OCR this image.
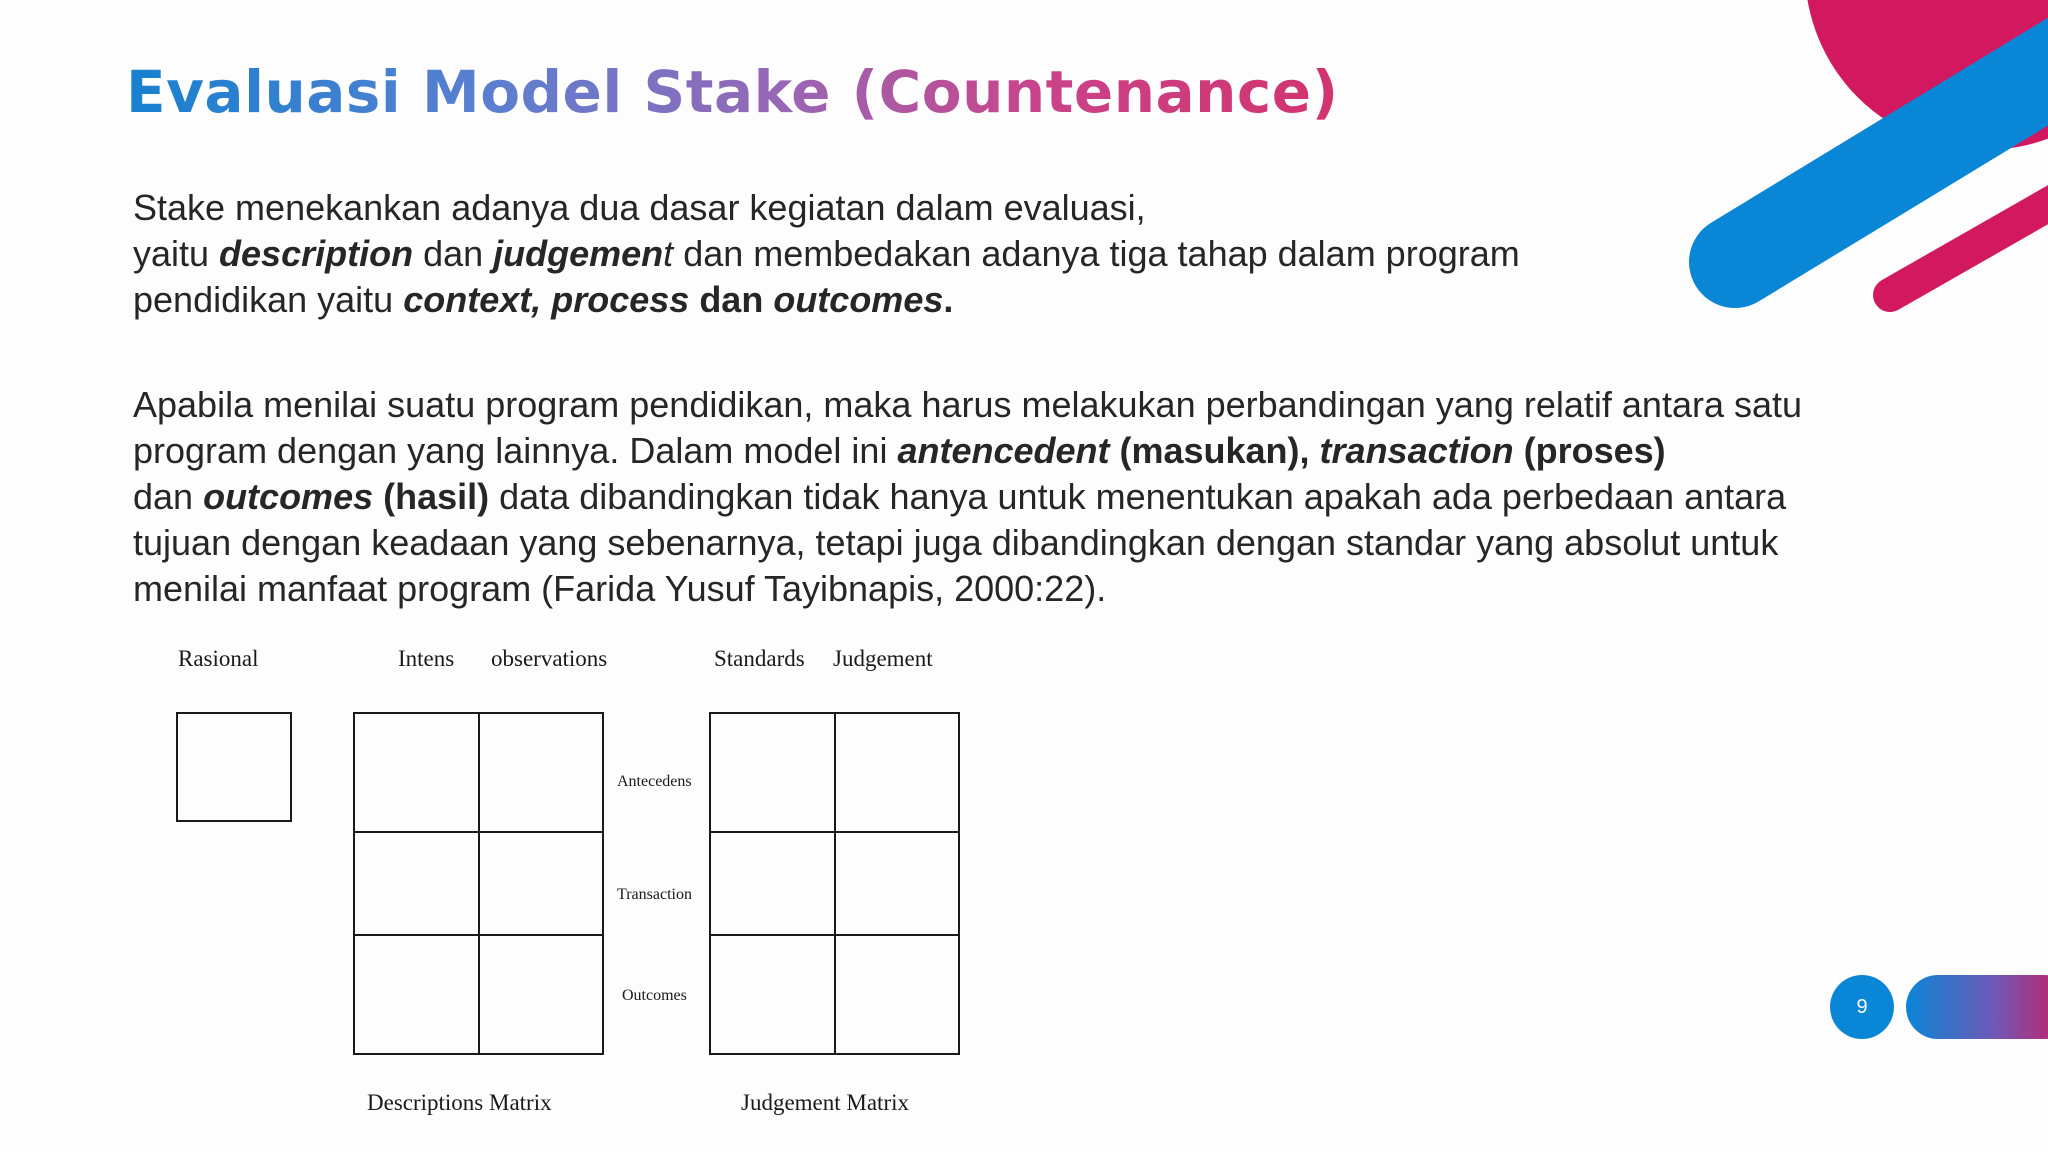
Evaluasi Model Stake (Countenance)

Stake menekankan adanya dua dasar kegiatan dalam evaluasi,
yaitu description dan judgement dan membedakan adanya tiga tahap dalam program
pendidikan yaitu context, process dan outcomes.

Apabila menilai suatu program pendidikan, maka harus melakukan perbandingan yang relatif antara satu
program dengan yang lainnya. Dalam model ini antencedent (masukan), transaction (proses)
dan outcomes (hasil) data dibandingkan tidak hanya untuk menentukan apakah ada perbedaan antara
tujuan dengan keadaan yang sebenarnya, tetapi juga dibandingkan dengan standar yang absolut untuk
menilai manfaat program (Farida Yusuf Tayibnapis, 2000:22).

Rasional	Intens observations	Standards Judgement
Antecedens
Transaction
Outcomes
Descriptions Matrix	Judgement Matrix
9
